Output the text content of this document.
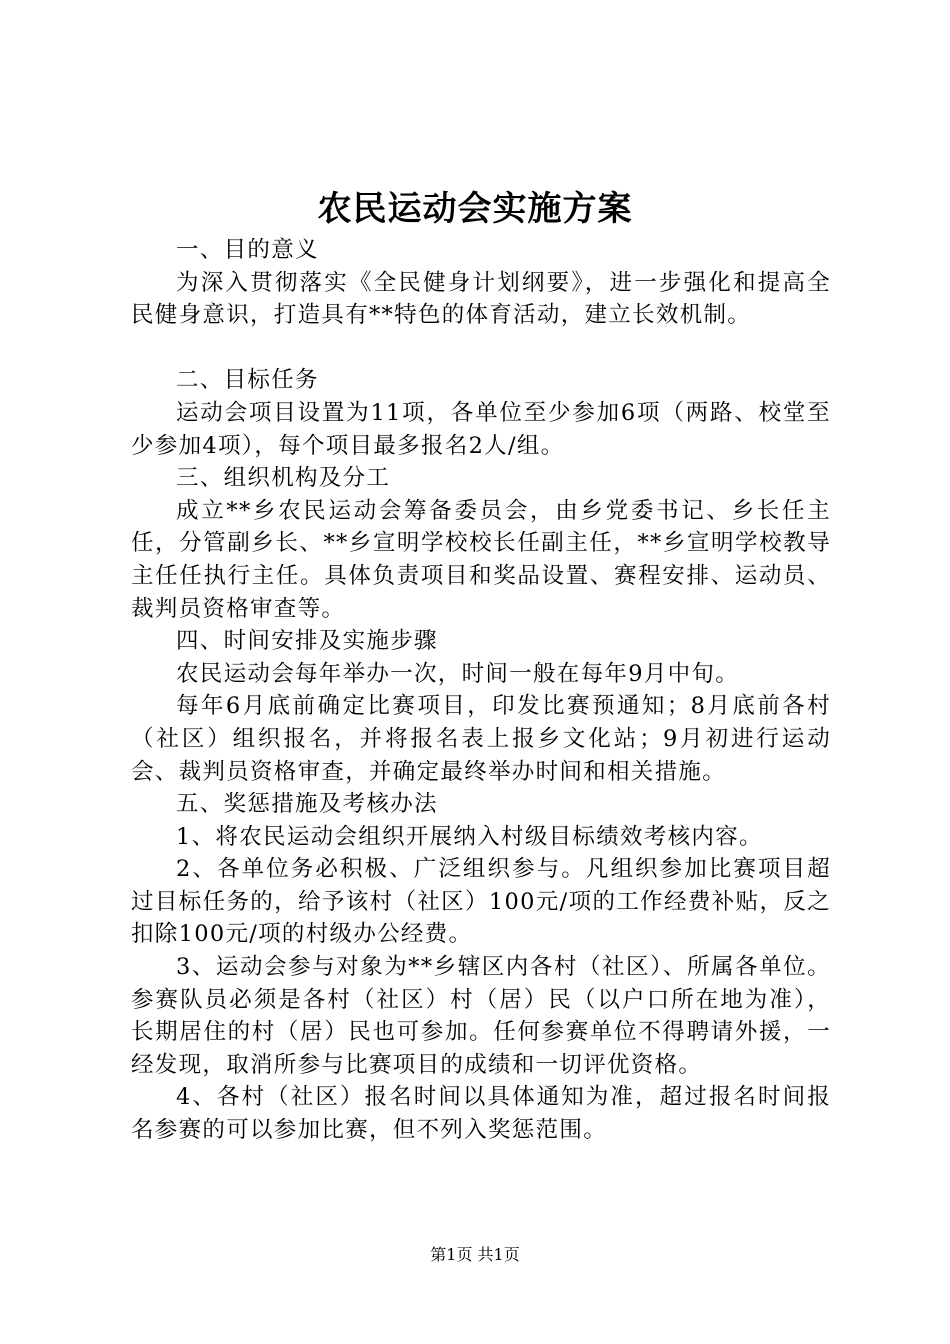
农民运动会实施方案

一、目的意义

为深入贯彻落实《全民健身计划纲要》，进一步强化和提高全民健身意识，打造具有**特色的体育活动，建立长效机制。

二、目标任务

运动会项目设置为11项，各单位至少参加6项（两路、校堂至少参加4项），每个项目最多报名2人/组。

三、组织机构及分工

成立**乡农民运动会筹备委员会，由乡党委书记、乡长任主任，分管副乡长、**乡宣明学校校长任副主任，**乡宣明学校教导主任任执行主任。具体负责项目和奖品设置、赛程安排、运动员、裁判员资格审查等。

四、时间安排及实施步骤

农民运动会每年举办一次，时间一般在每年9月中旬。

每年6月底前确定比赛项目，印发比赛预通知；8月底前各村（社区）组织报名，并将报名表上报乡文化站；9月初进行运动会、裁判员资格审查，并确定最终举办时间和相关措施。

五、奖惩措施及考核办法

1、将农民运动会组织开展纳入村级目标绩效考核内容。

2、各单位务必积极、广泛组织参与。凡组织参加比赛项目超过目标任务的，给予该村（社区）100元/项的工作经费补贴，反之扣除100元/项的村级办公经费。

3、运动会参与对象为**乡辖区内各村（社区）、所属各单位。参赛队员必须是各村（社区）村（居）民（以户口所在地为准），长期居住的村（居）民也可参加。任何参赛单位不得聘请外援，一经发现，取消所参与比赛项目的成绩和一切评优资格。

4、各村（社区）报名时间以具体通知为准，超过报名时间报名参赛的可以参加比赛，但不列入奖惩范围。

第1页 共1页
